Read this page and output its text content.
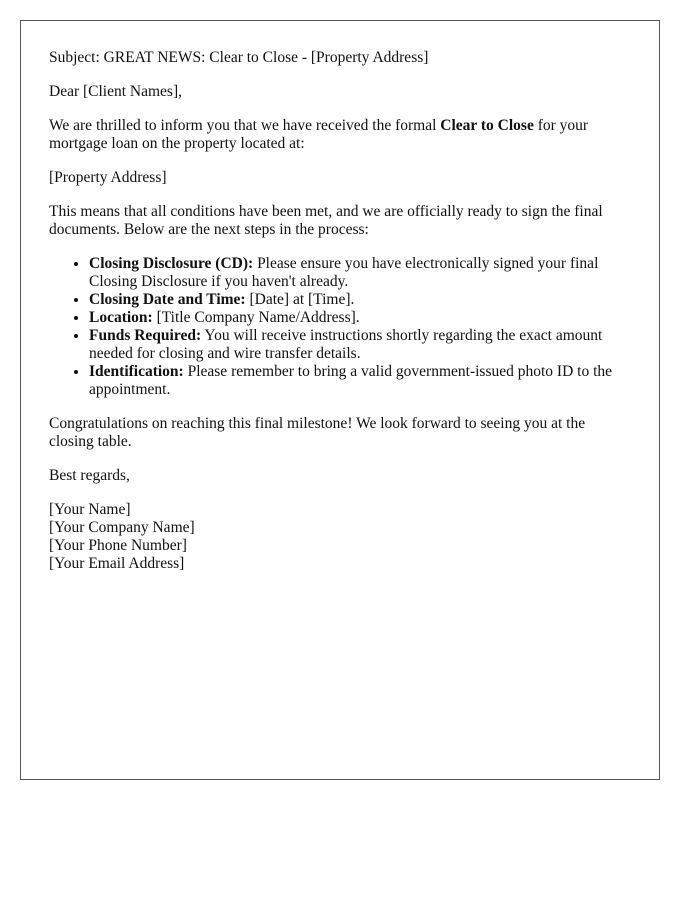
Subject: GREAT NEWS: Clear to Close - [Property Address]

Dear [Client Names],

We are thrilled to inform you that we have received the formal Clear to Close for your mortgage loan on the property located at:

[Property Address]

This means that all conditions have been met, and we are officially ready to sign the final documents. Below are the next steps in the process:

• Closing Disclosure (CD): Please ensure you have electronically signed your final Closing Disclosure if you haven't already.
• Closing Date and Time: [Date] at [Time].
• Location: [Title Company Name/Address].
• Funds Required: You will receive instructions shortly regarding the exact amount needed for closing and wire transfer details.
• Identification: Please remember to bring a valid government-issued photo ID to the appointment.

Congratulations on reaching this final milestone! We look forward to seeing you at the closing table.

Best regards,

[Your Name]
[Your Company Name]
[Your Phone Number]
[Your Email Address]
